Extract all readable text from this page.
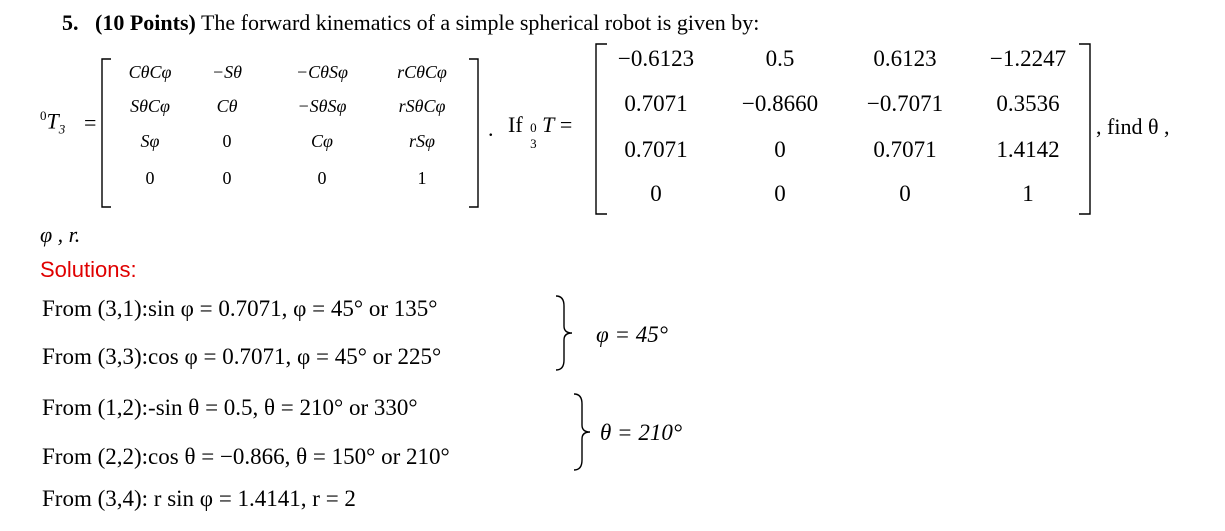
5. (10 Points) The forward kinematics of a simple spherical robot is given by:
$^0T_3$ =
CθCφ	−Sθ	−CθSφ	rCθCφ
SθCφ	Cθ	−SθSφ	rSθCφ
Sφ	0	Cφ	rSφ
0	0	0	1
. If 0
3
T =
−0.6123	0.5	0.6123	−1.2247
0.7071	−0.8660	−0.7071	0.3536
0.7071	0	0.7071	1.4142
0	0	0	1
, find θ ,
φ , r.
Solutions:
From (3,1):sin φ = 0.7071, φ = 45° or 135°
From (3,3):cos φ = 0.7071, φ = 45° or 225°
φ = 45°
From (1,2):-sin θ = 0.5, θ = 210° or 330°
From (2,2):cos θ = −0.866, θ = 150° or 210°
θ = 210°
From (3,4): r sin φ = 1.4141, r = 2
